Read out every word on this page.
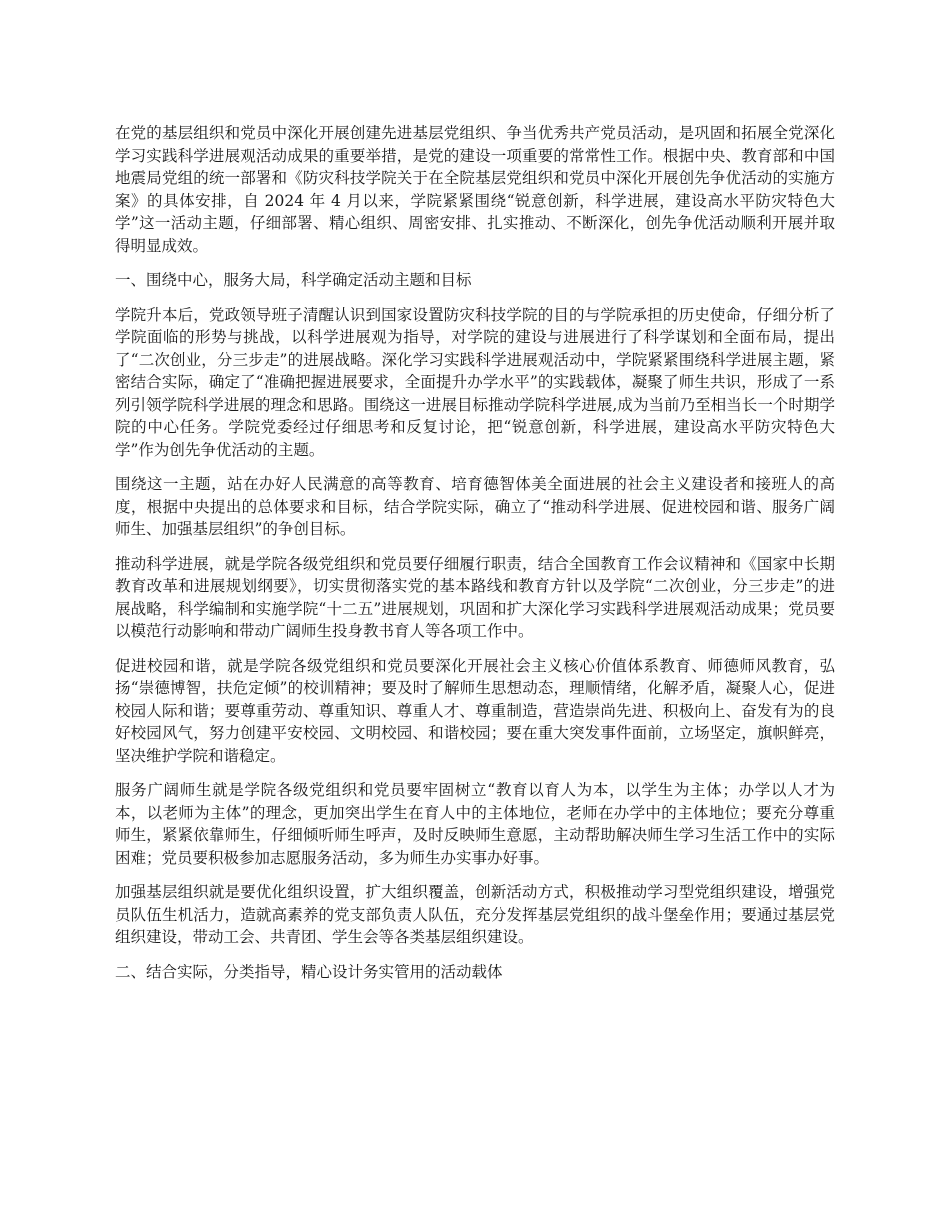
在党的基层组织和党员中深化开展创建先进基层党组织、争当优秀共产党员活动，是巩固和拓展全党深化学习实践科学进展观活动成果的重要举措，是党的建设一项重要的常常性工作。根据中央、教育部和中国地震局党组的统一部署和《防灾科技学院关于在全院基层党组织和党员中深化开展创先争优活动的实施方案》的具体安排，自 2024 年 4 月以来，学院紧紧围绕“锐意创新，科学进展，建设高水平防灾特色大学”这一活动主题，仔细部署、精心组织、周密安排、扎实推动、不断深化，创先争优活动顺利开展并取得明显成效。

一、围绕中心，服务大局，科学确定活动主题和目标

学院升本后，党政领导班子清醒认识到国家设置防灾科技学院的目的与学院承担的历史使命，仔细分析了学院面临的形势与挑战，以科学进展观为指导，对学院的建设与进展进行了科学谋划和全面布局，提出了“二次创业，分三步走”的进展战略。深化学习实践科学进展观活动中，学院紧紧围绕科学进展主题，紧密结合实际，确定了“准确把握进展要求，全面提升办学水平”的实践载体，凝聚了师生共识，形成了一系列引领学院科学进展的理念和思路。围绕这一进展目标推动学院科学进展,成为当前乃至相当长一个时期学院的中心任务。学院党委经过仔细思考和反复讨论，把“锐意创新，科学进展，建设高水平防灾特色大学”作为创先争优活动的主题。

围绕这一主题，站在办好人民满意的高等教育、培育德智体美全面进展的社会主义建设者和接班人的高度，根据中央提出的总体要求和目标，结合学院实际，确立了“推动科学进展、促进校园和谐、服务广阔师生、加强基层组织”的争创目标。

推动科学进展，就是学院各级党组织和党员要仔细履行职责，结合全国教育工作会议精神和《国家中长期教育改革和进展规划纲要》，切实贯彻落实党的基本路线和教育方针以及学院“二次创业，分三步走”的进展战略，科学编制和实施学院“十二五”进展规划，巩固和扩大深化学习实践科学进展观活动成果；党员要以模范行动影响和带动广阔师生投身教书育人等各项工作中。

促进校园和谐，就是学院各级党组织和党员要深化开展社会主义核心价值体系教育、师德师风教育，弘扬“崇德博智，扶危定倾”的校训精神；要及时了解师生思想动态，理顺情绪，化解矛盾，凝聚人心，促进校园人际和谐；要尊重劳动、尊重知识、尊重人才、尊重制造，营造崇尚先进、积极向上、奋发有为的良好校园风气，努力创建平安校园、文明校园、和谐校园；要在重大突发事件面前，立场坚定，旗帜鲜亮，坚决维护学院和谐稳定。

服务广阔师生就是学院各级党组织和党员要牢固树立“教育以育人为本，以学生为主体；办学以人才为本，以老师为主体”的理念，更加突出学生在育人中的主体地位，老师在办学中的主体地位；要充分尊重师生，紧紧依靠师生，仔细倾听师生呼声，及时反映师生意愿，主动帮助解决师生学习生活工作中的实际困难；党员要积极参加志愿服务活动，多为师生办实事办好事。

加强基层组织就是要优化组织设置，扩大组织覆盖，创新活动方式，积极推动学习型党组织建设，增强党员队伍生机活力，造就高素养的党支部负责人队伍，充分发挥基层党组织的战斗堡垒作用；要通过基层党组织建设，带动工会、共青团、学生会等各类基层组织建设。

二、结合实际，分类指导，精心设计务实管用的活动载体
